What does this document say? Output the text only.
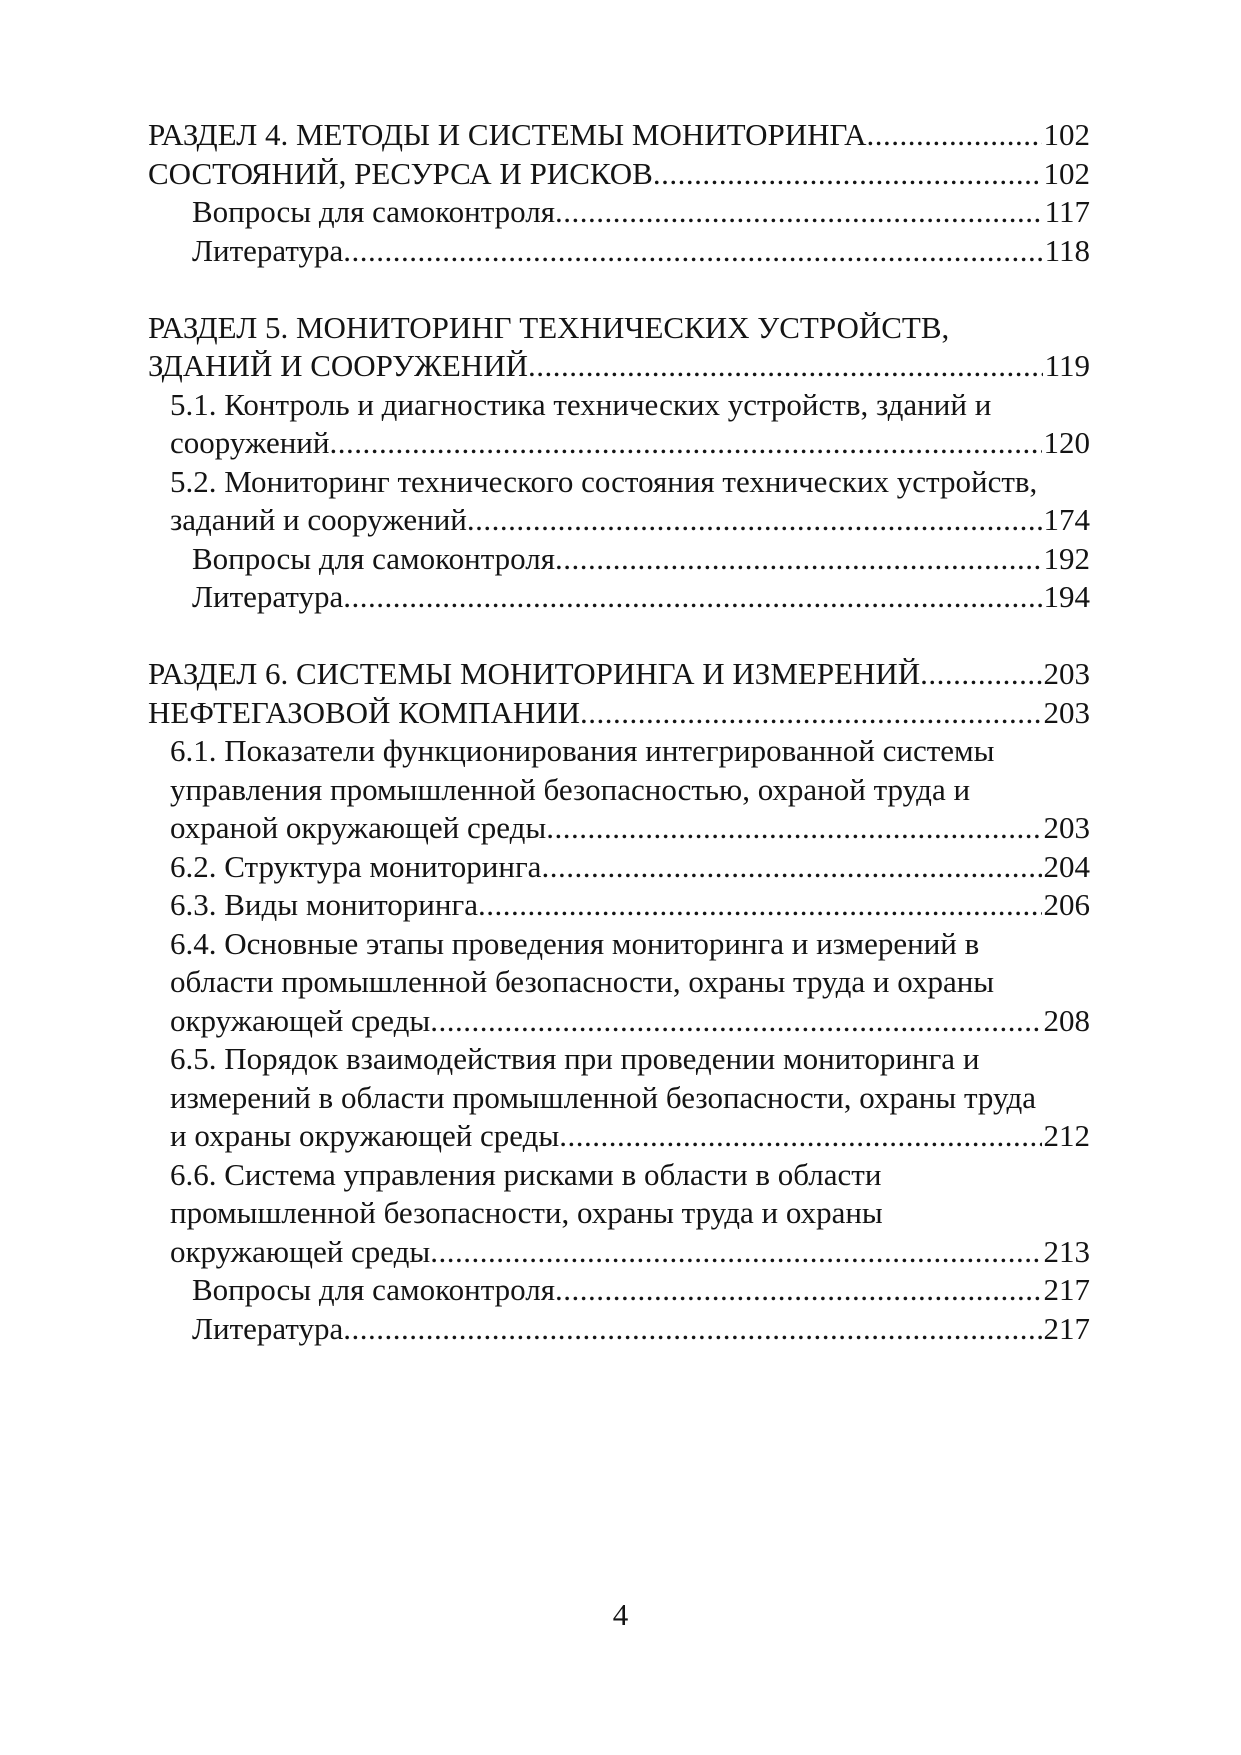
РАЗДЕЛ 4. МЕТОДЫ И СИСТЕМЫ МОНИТОРИНГА .....	102
СОСТОЯНИЙ, РЕСУРСА И РИСКОВ .....	102
Вопросы для самоконтроля .....	117
Литература .....	118
РАЗДЕЛ 5. МОНИТОРИНГ ТЕХНИЧЕСКИХ УСТРОЙСТВ,
ЗДАНИЙ И СООРУЖЕНИЙ .....	119
5.1. Контроль и диагностика технических устройств, зданий и
сооружений .....	120
5.2. Мониторинг технического состояния технических устройств,
заданий и сооружений .....	174
Вопросы для самоконтроля .....	192
Литература .....	194
РАЗДЕЛ 6. СИСТЕМЫ МОНИТОРИНГА И ИЗМЕРЕНИЙ .....	203
НЕФТЕГАЗОВОЙ КОМПАНИИ .....	203
6.1. Показатели функционирования интегрированной системы
управления промышленной безопасностью, охраной труда и
охраной окружающей среды .....	203
6.2. Структура мониторинга .....	204
6.3. Виды мониторинга .....	206
6.4. Основные этапы проведения мониторинга и измерений в
области промышленной безопасности, охраны труда и охраны
окружающей среды .....	208
6.5. Порядок взаимодействия при проведении мониторинга и
измерений в области промышленной безопасности, охраны труда
и охраны окружающей среды .....	212
6.6. Система управления рисками в области в области
промышленной безопасности, охраны труда и охраны
окружающей среды .....	213
Вопросы для самоконтроля .....	217
Литература .....	217
4
